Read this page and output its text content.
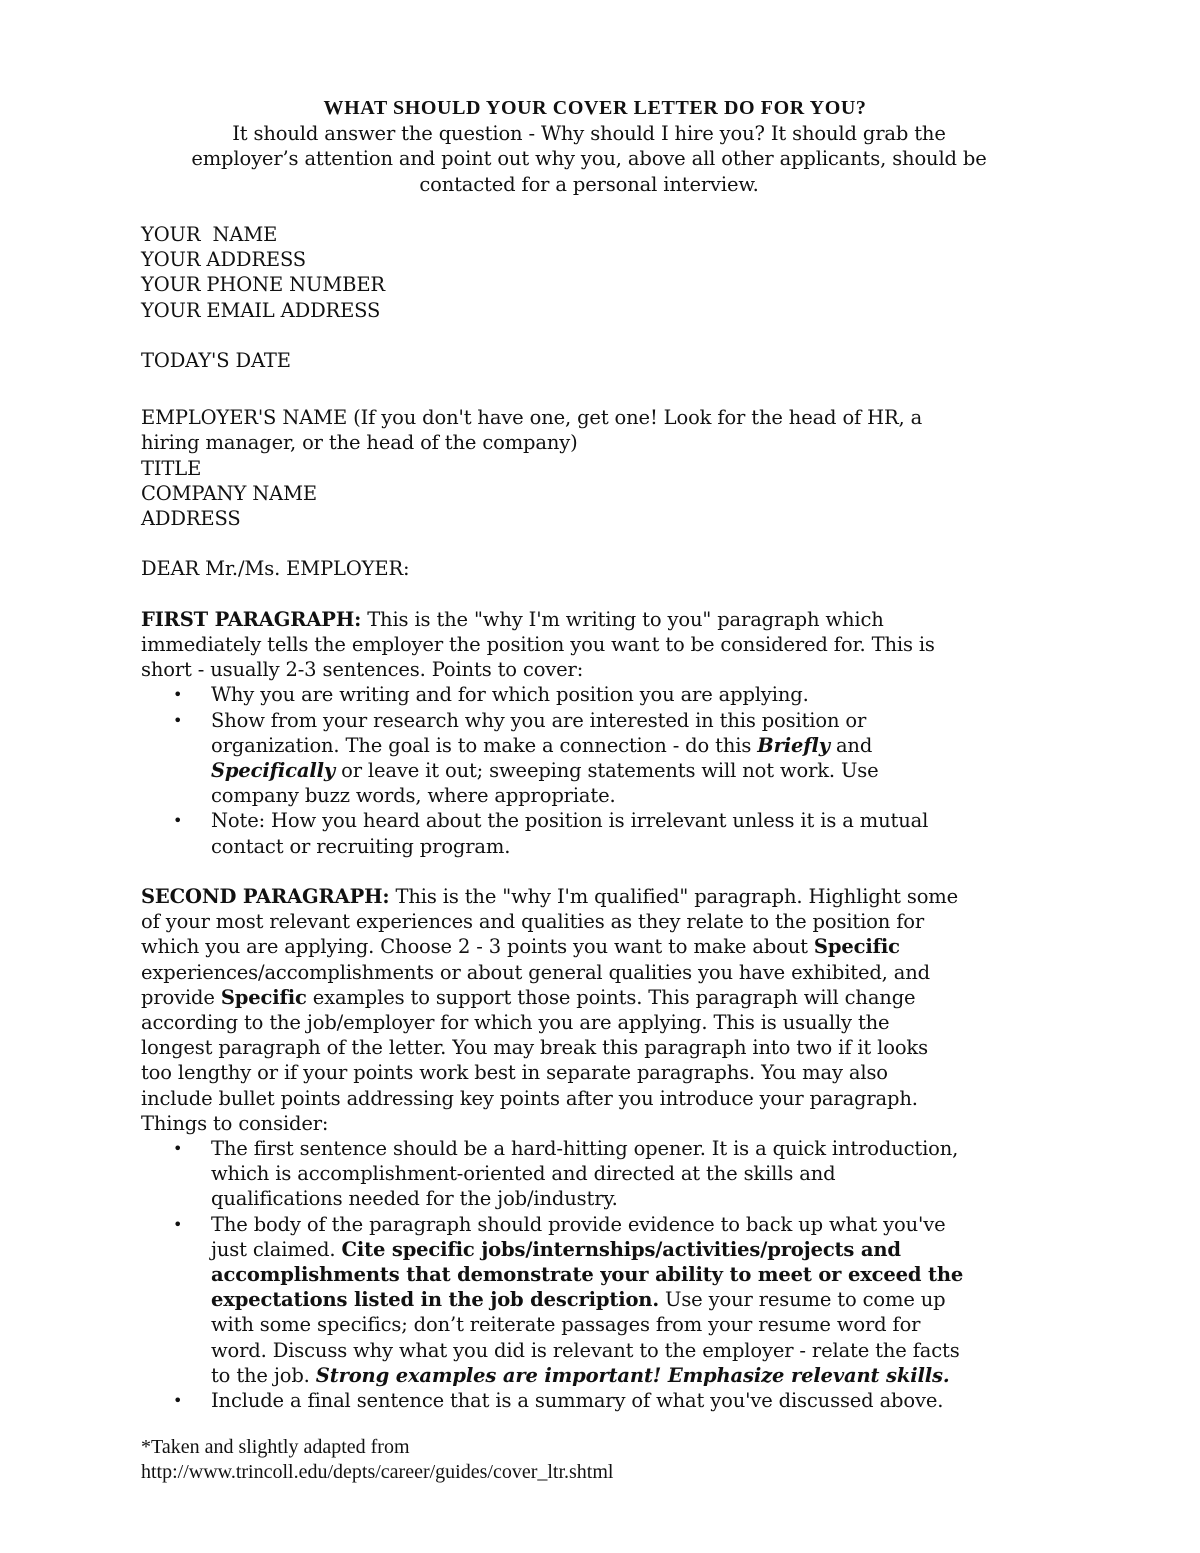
WHAT SHOULD YOUR COVER LETTER DO FOR YOU?
It should answer the question - Why should I hire you? It should grab the
employer’s attention and point out why you, above all other applicants, should be
contacted for a personal interview.
YOUR  NAME
YOUR ADDRESS
YOUR PHONE NUMBER
YOUR EMAIL ADDRESS
TODAY'S DATE
EMPLOYER'S NAME (If you don't have one, get one! Look for the head of HR, a
hiring manager, or the head of the company)
TITLE
COMPANY NAME
ADDRESS
DEAR Mr./Ms. EMPLOYER:
FIRST PARAGRAPH: This is the "why I'm writing to you" paragraph which
immediately tells the employer the position you want to be considered for. This is
short - usually 2-3 sentences. Points to cover:
• Why you are writing and for which position you are applying.
• Show from your research why you are interested in this position or
organization. The goal is to make a connection - do this Briefly and
Specifically or leave it out; sweeping statements will not work. Use
company buzz words, where appropriate.
• Note: How you heard about the position is irrelevant unless it is a mutual
contact or recruiting program.
SECOND PARAGRAPH: This is the "why I'm qualified" paragraph. Highlight some
of your most relevant experiences and qualities as they relate to the position for
which you are applying. Choose 2 - 3 points you want to make about Specific
experiences/accomplishments or about general qualities you have exhibited, and
provide Specific examples to support those points. This paragraph will change
according to the job/employer for which you are applying. This is usually the
longest paragraph of the letter. You may break this paragraph into two if it looks
too lengthy or if your points work best in separate paragraphs. You may also
include bullet points addressing key points after you introduce your paragraph.
Things to consider:
• The first sentence should be a hard-hitting opener. It is a quick introduction,
which is accomplishment-oriented and directed at the skills and
qualifications needed for the job/industry.
• The body of the paragraph should provide evidence to back up what you've
just claimed. Cite specific jobs/internships/activities/projects and
accomplishments that demonstrate your ability to meet or exceed the
expectations listed in the job description. Use your resume to come up
with some specifics; don’t reiterate passages from your resume word for
word. Discuss why what you did is relevant to the employer - relate the facts
to the job. Strong examples are important! Emphasize relevant skills.
• Include a final sentence that is a summary of what you've discussed above.
*Taken and slightly adapted from
http://www.trincoll.edu/depts/career/guides/cover_ltr.shtml
